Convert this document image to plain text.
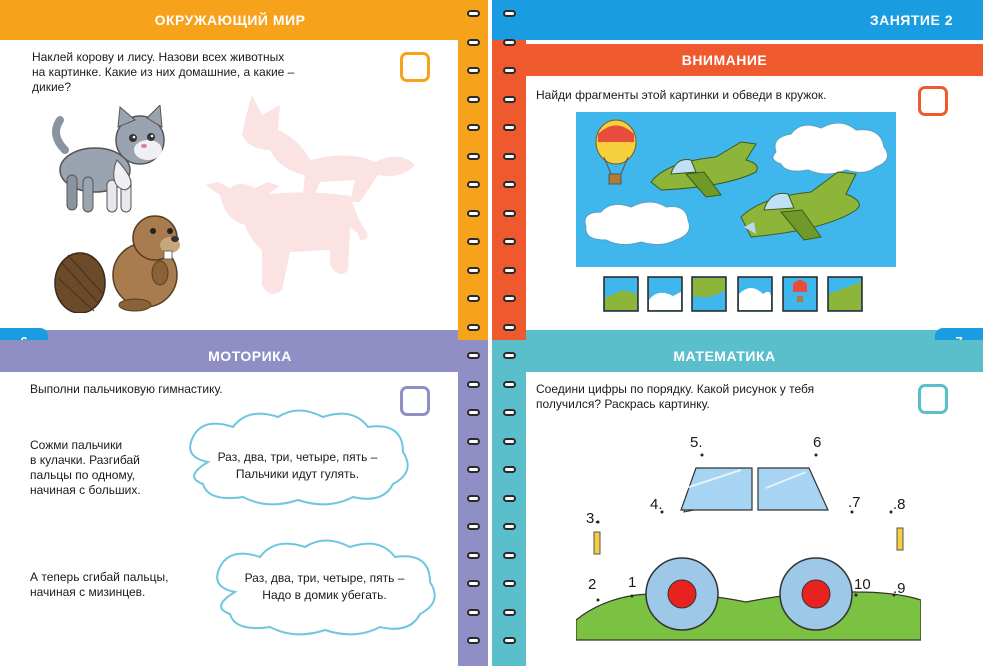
ОКРУЖАЮЩИЙ МИР
Наклей корову и лису. Назови всех животных
на картинке. Какие из них домашние, а какие –
дикие?
МОТОРИКА
Выполни пальчиковую гимнастику.
Сожми пальчики
в кулачки. Разгибай
пальцы по одному,
начиная с больших.
Раз, два, три, четыре, пять –
Пальчики идут гулять.
А теперь сгибай пальцы,
начиная с мизинцев.
Раз, два, три, четыре, пять –
Надо в домик убегать.
ЗАНЯТИЕ 2
ВНИМАНИЕ
Найди фрагменты этой картинки и обведи в кружок.
МАТЕМАТИКА
Соедини цифры по порядку. Какой рисунок у тебя
получился? Раскрась картинку.
1
2
3.
4.
5.	6
.7 .8
.9
10
